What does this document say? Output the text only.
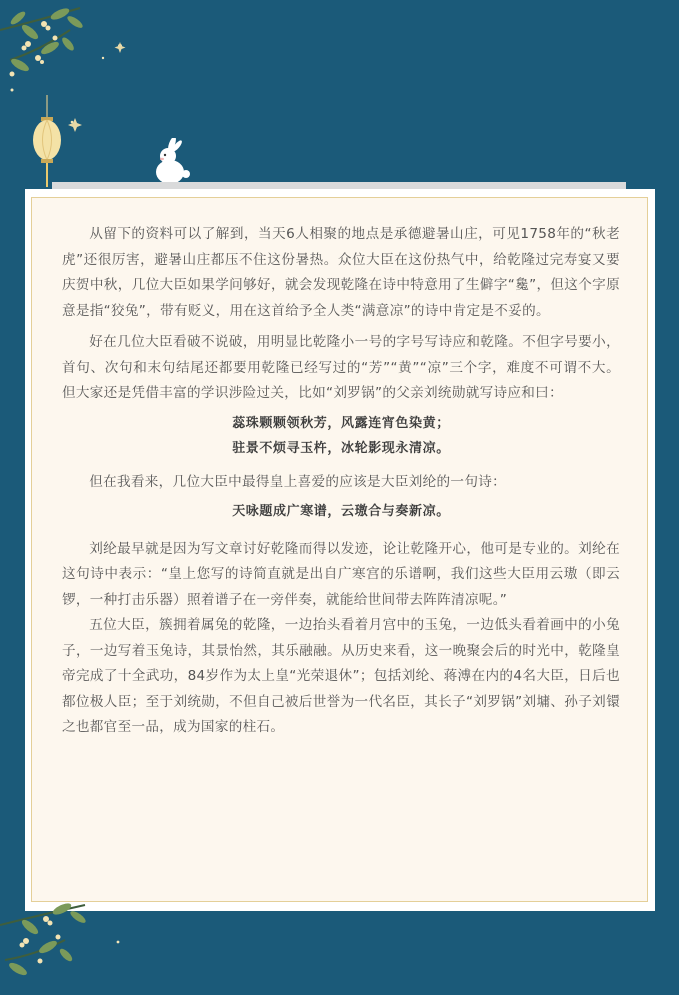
从留下的资料可以了解到，当天6人相聚的地点是承德避暑山庄，可见1758年的“秋老虎”还很厉害，避暑山庄都压不住这份暑热。众位大臣在这份热气中，给乾隆过完寿宴又要庆贺中秋，几位大臣如果学问够好，就会发现乾隆在诗中特意用了生僻字“毚”，但这个字原意是指“狡兔”，带有贬义，用在这首给予全人类“满意凉”的诗中肯定是不妥的。

好在几位大臣看破不说破，用明显比乾隆小一号的字号写诗应和乾隆。不但字号要小，首句、次句和末句结尾还都要用乾隆已经写过的“芳”“黄”“凉”三个字，难度不可谓不大。但大家还是凭借丰富的学识涉险过关，比如“刘罗锅”的父亲刘统勋就写诗应和曰：

蕊珠颗颗领秋芳，风露连宵色染黄；

驻景不烦寻玉杵，冰轮影现永清凉。

但在我看来，几位大臣中最得皇上喜爱的应该是大臣刘纶的一句诗：

天咏题成广寒谱，云璈合与奏新凉。

刘纶最早就是因为写文章讨好乾隆而得以发迹，论让乾隆开心，他可是专业的。刘纶在这句诗中表示：“皇上您写的诗简直就是出自广寒宫的乐谱啊，我们这些大臣用云璈（即云锣，一种打击乐器）照着谱子在一旁伴奏，就能给世间带去阵阵清凉呢。”

五位大臣，簇拥着属兔的乾隆，一边抬头看着月宫中的玉兔，一边低头看着画中的小兔子，一边写着玉兔诗，其景怡然，其乐融融。从历史来看，这一晚聚会后的时光中，乾隆皇帝完成了十全武功，84岁作为太上皇“光荣退休”；包括刘纶、蒋溥在内的4名大臣，日后也都位极人臣；至于刘统勋，不但自己被后世誉为一代名臣，其长子“刘罗锅”刘墉、孙子刘镮之也都官至一品，成为国家的柱石。
